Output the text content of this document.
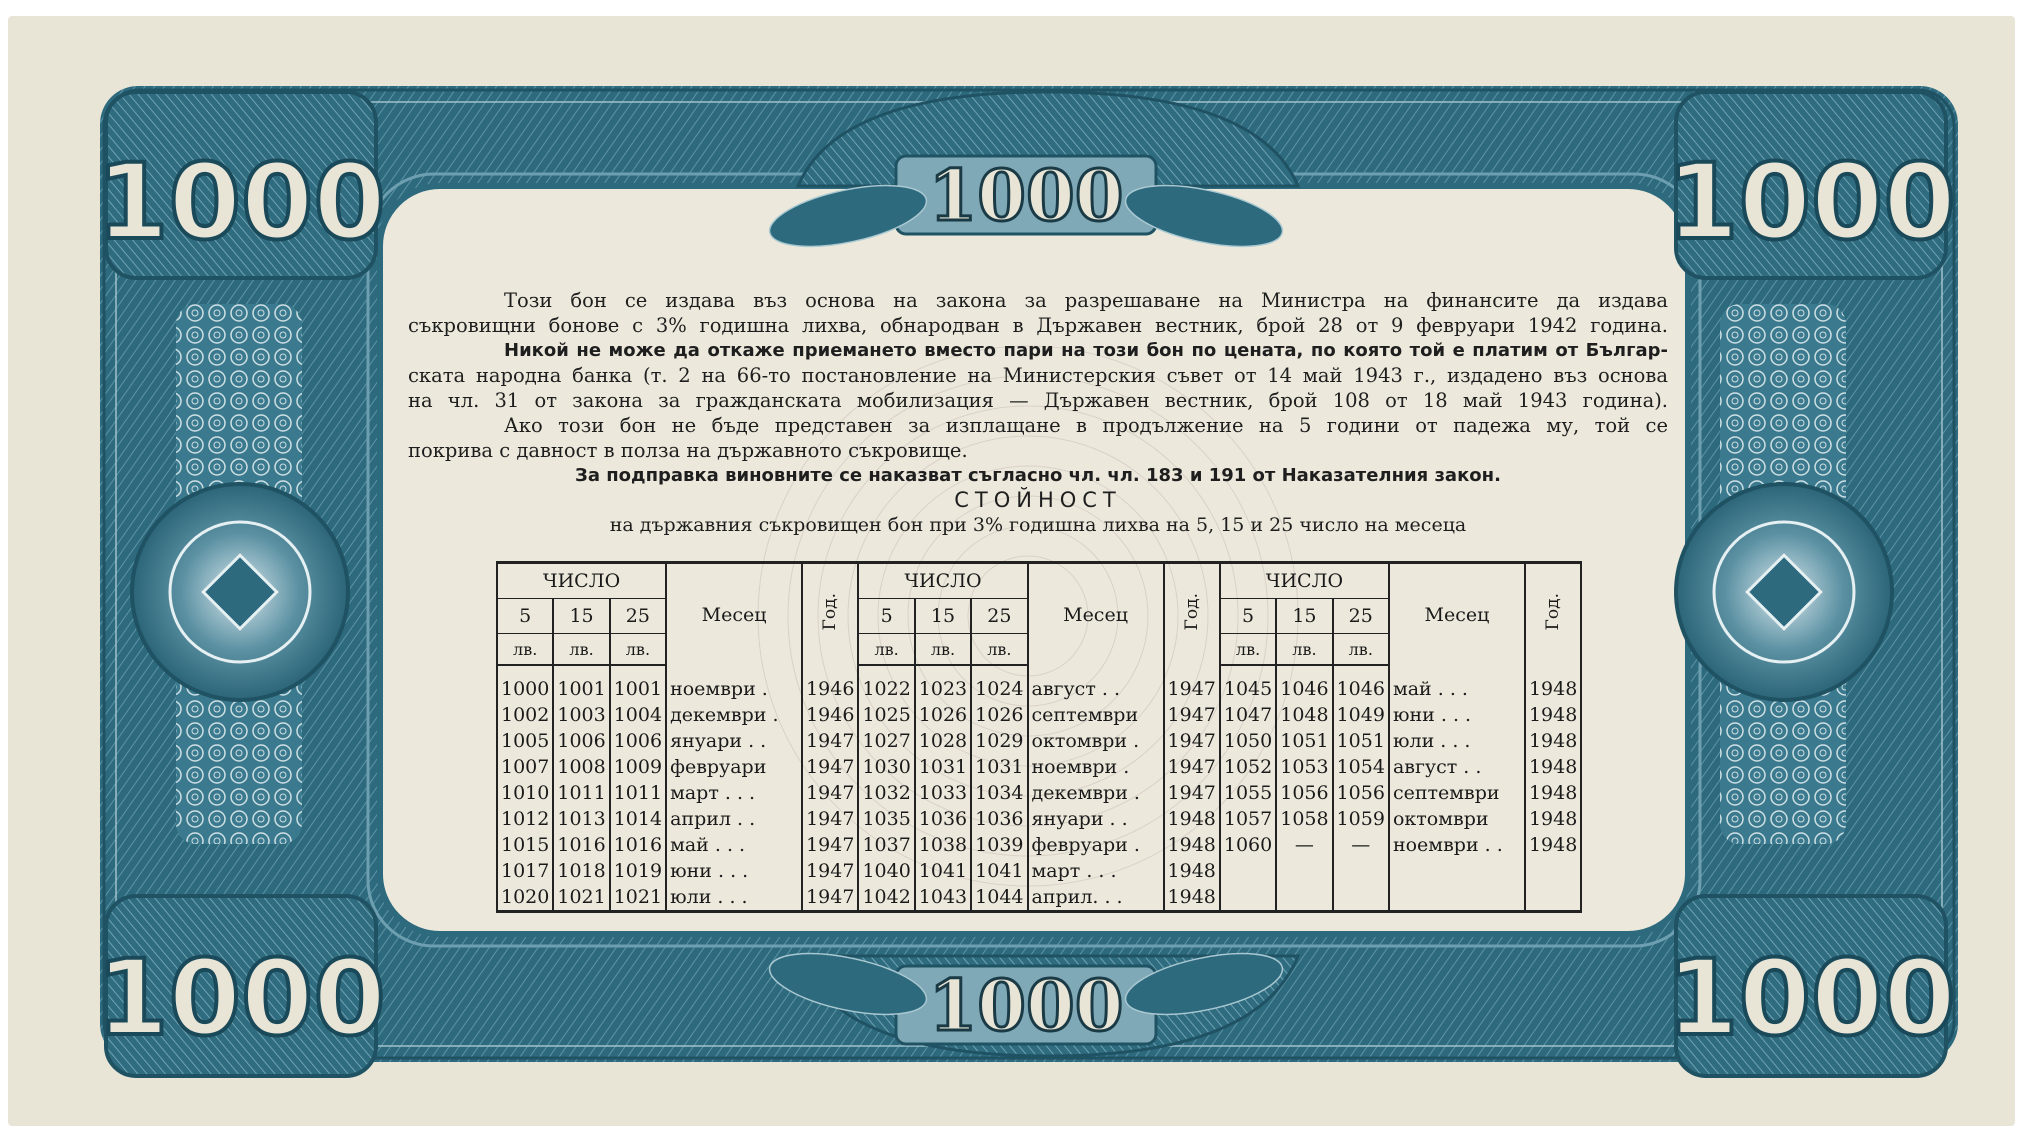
1000	1000
1000	1000
1000
1000

Този бон се издава въз основа на закона за разрешаване на Министра на финансите да издава

съкровищни бонове с 3% годишна лихва, обнародван в Държавен вестник, брой 28 от 9 февруари 1942 година.

Никой не може да откаже приемането вместо пари на този бон по цената, по която той е платим от Българ-

ската народна банка (т. 2 на 66-то постановление на Министерския съвет от 14 май 1943 г., издадено въз основа

на чл. 31 от закона за гражданската мобилизация — Държавен вестник, брой 108 от 18 май 1943 година).

Ако този бон не бъде представен за изплащане в продължение на 5 години от падежа му, той се

покрива с давност в полза на държавното съкровище.

За подправка виновните се наказват съгласно чл. чл. 183 и 191 от Наказателния закон.

СТОЙНОСТ

на държавния съкровищен бон при 3% годишна лихва на 5, 15 и 25 число на месеца

ЧИСЛО			Месец	Год.	ЧИСЛО			Месец	Год.	ЧИСЛО			Месец	Год.
5	15	25			5	15	25			5	15	25		
лв.	лв.	лв.			лв.	лв.	лв.			лв.	лв.	лв.		
1000	1001	1001	ноември .	1946	1022	1023	1024	август . .	1947	1045	1046	1046	май . . .	1948
1002	1003	1004	декември .	1946	1025	1026	1026	септември	1947	1047	1048	1049	юни . . .	1948
1005	1006	1006	януари . .	1947	1027	1028	1029	октомври .	1947	1050	1051	1051	юли . . .	1948
1007	1008	1009	февруари	1947	1030	1031	1031	ноември .	1947	1052	1053	1054	август . .	1948
1010	1011	1011	март . . .	1947	1032	1033	1034	декември .	1947	1055	1056	1056	септември	1948
1012	1013	1014	април . .	1947	1035	1036	1036	януари . .	1948	1057	1058	1059	октомври	1948
1015	1016	1016	май . . .	1947	1037	1038	1039	февруари .	1948	1060	—	—	ноември . .	1948
1017	1018	1019	юни . . .	1947	1040	1041	1041	март . . .	1948					
1020	1021	1021	юли . . .	1947	1042	1043	1044	април. . .	1948					
